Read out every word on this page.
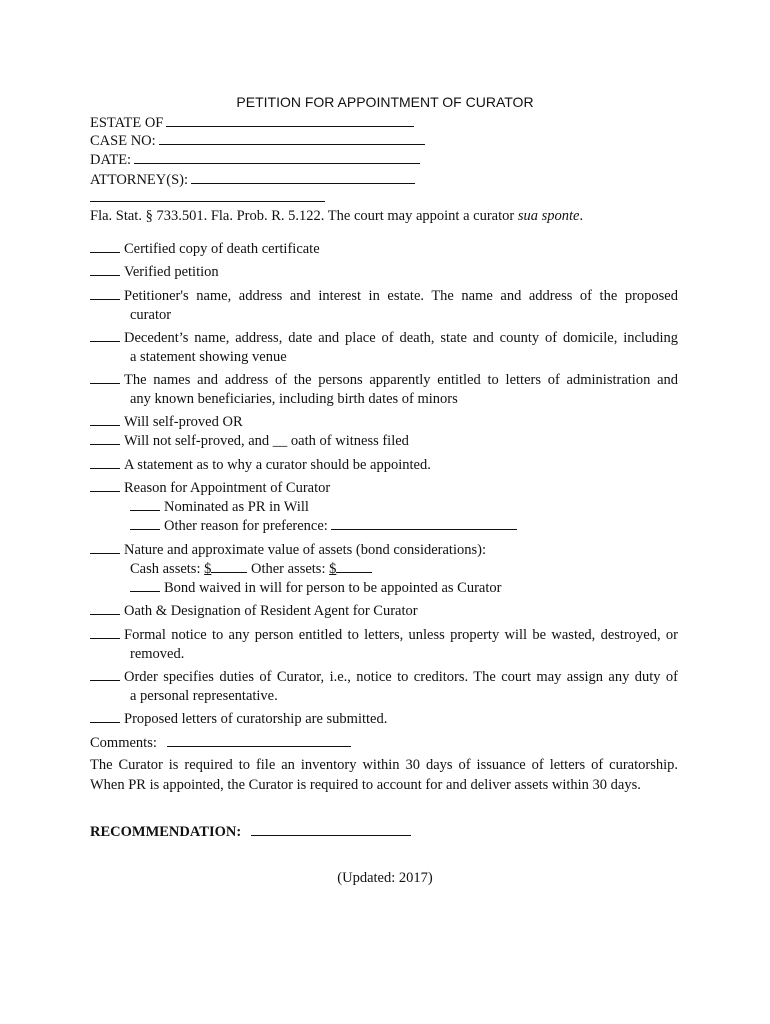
PETITION FOR APPOINTMENT OF CURATOR
ESTATE OF
CASE NO:
DATE:
ATTORNEY(S):
Fla. Stat. § 733.501. Fla. Prob. R. 5.122. The court may appoint a curator sua sponte.
Certified copy of death certificate
Verified petition
Petitioner's name, address and interest in estate. The name and address of the proposed
curator
Decedent’s name, address, date and place of death, state and county of domicile, including
a statement showing venue
The names and address of the persons apparently entitled to letters of administration and
any known beneficiaries, including birth dates of minors
Will self-proved OR
Will not self-proved, and __ oath of witness filed
A statement as to why a curator should be appointed.
Reason for Appointment of Curator
Nominated as PR in Will
Other reason for preference:
Nature and approximate value of assets (bond considerations):
Cash assets: $	Other assets: $
Bond waived in will for person to be appointed as Curator
Oath & Designation of Resident Agent for Curator
Formal notice to any person entitled to letters, unless property will be wasted, destroyed, or
removed.
Order specifies duties of Curator, i.e., notice to creditors. The court may assign any duty of
a personal representative.
Proposed letters of curatorship are submitted.
Comments:
The Curator is required to file an inventory within 30 days of issuance of letters of curatorship.
When PR is appointed, the Curator is required to account for and deliver assets within 30 days.
RECOMMENDATION:
(Updated: 2017)
